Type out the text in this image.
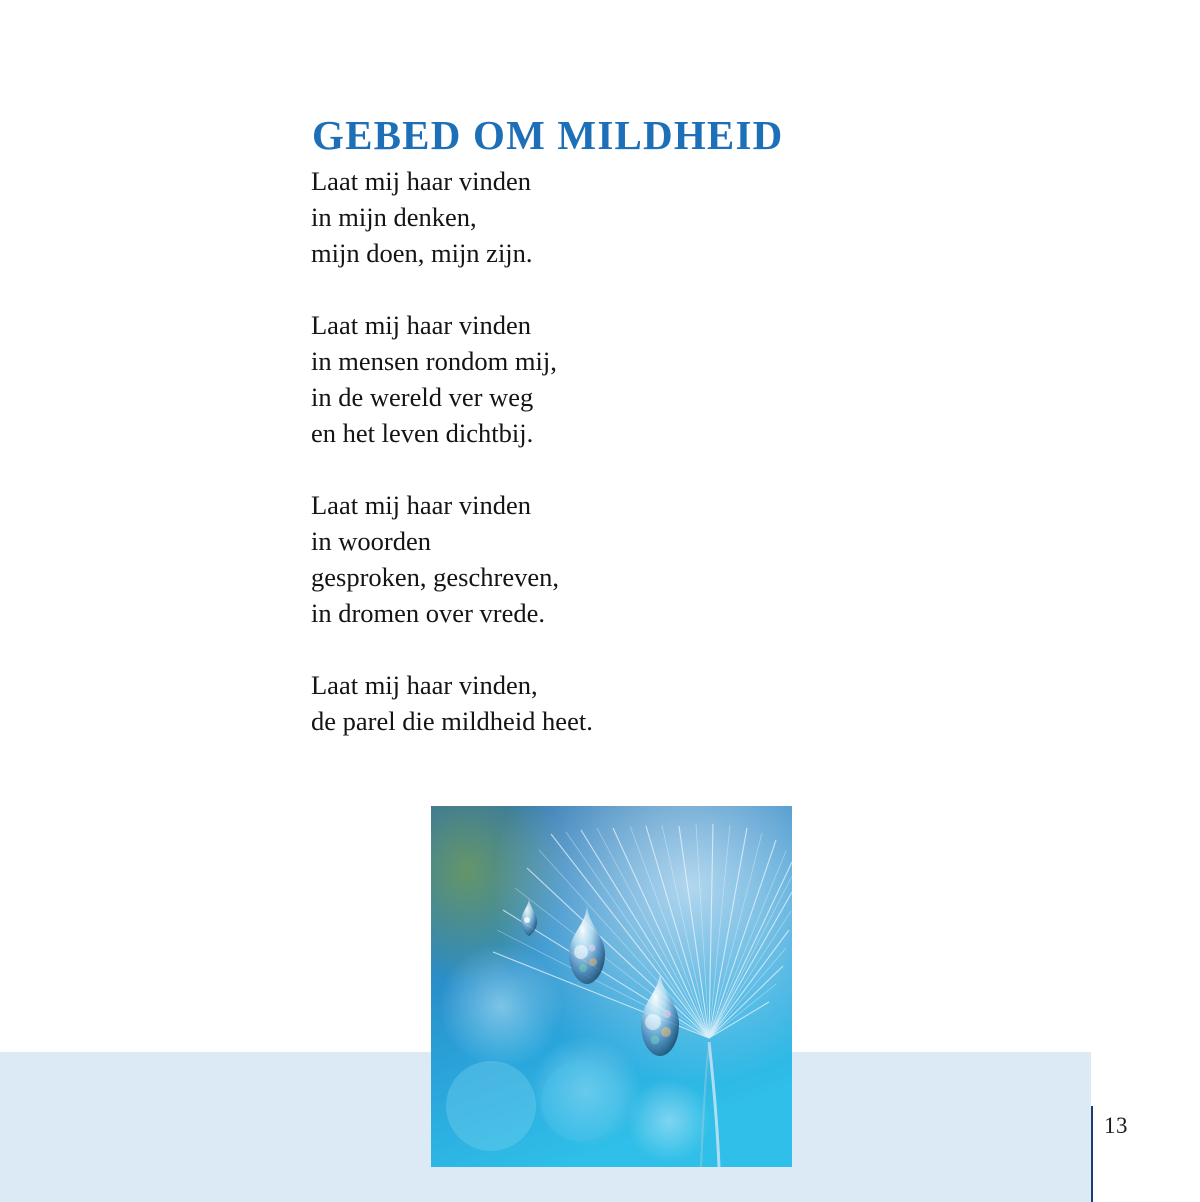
13
GEBED OM MILDHEID

Laat mij haar vinden
in mijn denken,
mijn doen, mijn zijn.

Laat mij haar vinden
in mensen rondom mij,
in de wereld ver weg
en het leven dichtbij.

Laat mij haar vinden
in woorden
gesproken, geschreven,
in dromen over vrede.

Laat mij haar vinden,
de parel die mildheid heet.
